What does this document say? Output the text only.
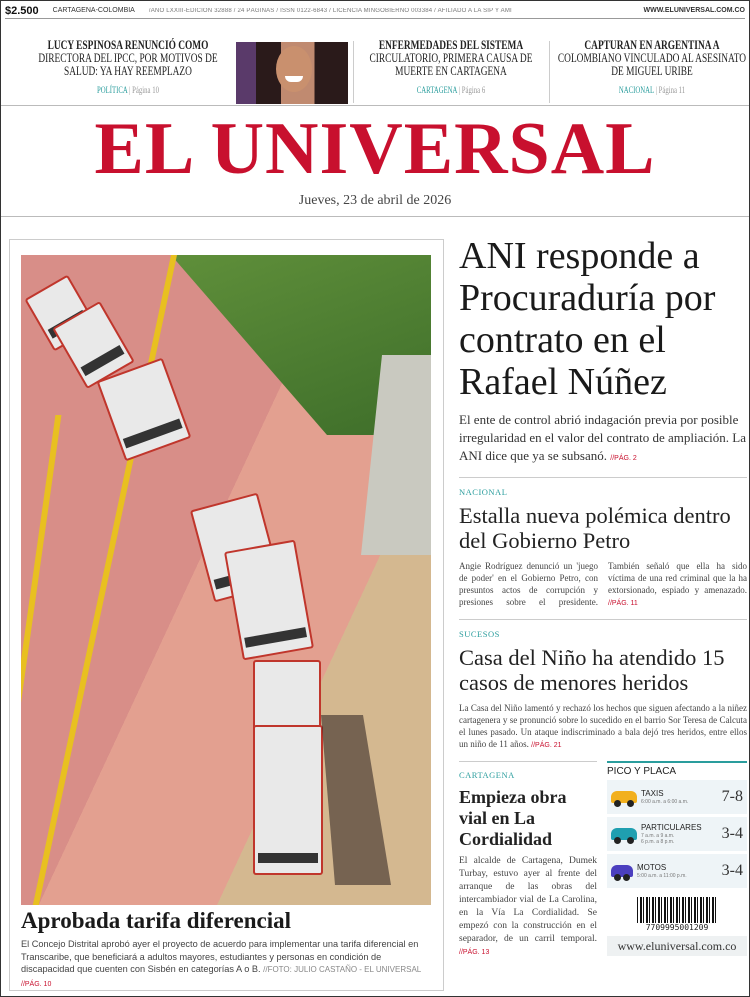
$2.500 CARTAGENA-COLOMBIA /AÑO LXXIII-EDICIÓN 32888 / 24 PÁGINAS / ISSN 0122-6843 / LICENCIA MINGOBIERNO 003384 / AFILIADO A LA SIP Y AMI	WWW.ELUNIVERSAL.COM.CO
LUCY ESPINOSA RENUNCIÓ COMO
DIRECTORA DEL IPCC, POR MOTIVOS DE SALUD: YA HAY REEMPLAZO
POLÍTICA | Página 10
ENFERMEDADES DEL SISTEMA
CIRCULATORIO, PRIMERA CAUSA DE MUERTE EN CARTAGENA
CARTAGENA | Página 6
CAPTURAN EN ARGENTINA A
COLOMBIANO VINCULADO AL ASESINATO DE MIGUEL URIBE
NACIONAL | Página 11
EL UNIVERSAL
Jueves, 23 de abril de 2026
Aprobada tarifa diferencial
El Concejo Distrital aprobó ayer el proyecto de acuerdo para implementar una tarifa diferencial en Transcaribe, que beneficiará a adultos mayores, estudiantes y personas en condición de discapacidad que cuenten con Sisbén en categorías A o B. //FOTO: JULIO CASTAÑO - EL UNIVERSAL //PÁG. 10
ANI responde a Procuraduría por contrato en el Rafael Núñez
El ente de control abrió indagación previa por posible irregularidad en el valor del contrato de ampliación. La ANI dice que ya se subsanó. //PÁG. 2
NACIONAL
Estalla nueva polémica dentro del Gobierno Petro
Angie Rodríguez denunció un 'juego de poder' en el Gobierno Petro, con presuntos actos de corrupción y presiones sobre el presidente. También señaló que ella ha sido víctima de una red criminal que la ha extorsionado, espiado y amenazado. //PÁG. 11
SUCESOS
Casa del Niño ha atendido 15 casos de menores heridos
La Casa del Niño lamentó y rechazó los hechos que siguen afectando a la niñez cartagenera y se pronunció sobre lo sucedido en el barrio Sor Teresa de Calcuta el lunes pasado. Un ataque indiscriminado a bala dejó tres heridos, entre ellos un niño de 11 años. //PÁG. 21
CARTAGENA
Empieza obra vial en La Cordialidad
El alcalde de Cartagena, Dumek Turbay, estuvo ayer al frente del arranque de las obras del intercambiador vial de La Carolina, en la Vía La Cordialidad. Se empezó con la construcción en el separador, de un carril temporal. //PÁG. 13
PICO Y PLACA
TAXIS
6:00 a.m. a 6:00 a.m.	7-8
PARTICULARES
7 a.m. a 9 a.m.
6 p.m. a 8 p.m.	3-4
MOTOS
5:00 a.m. a 11:00 p.m.	3-4
7709995001209
www.eluniversal.com.co
